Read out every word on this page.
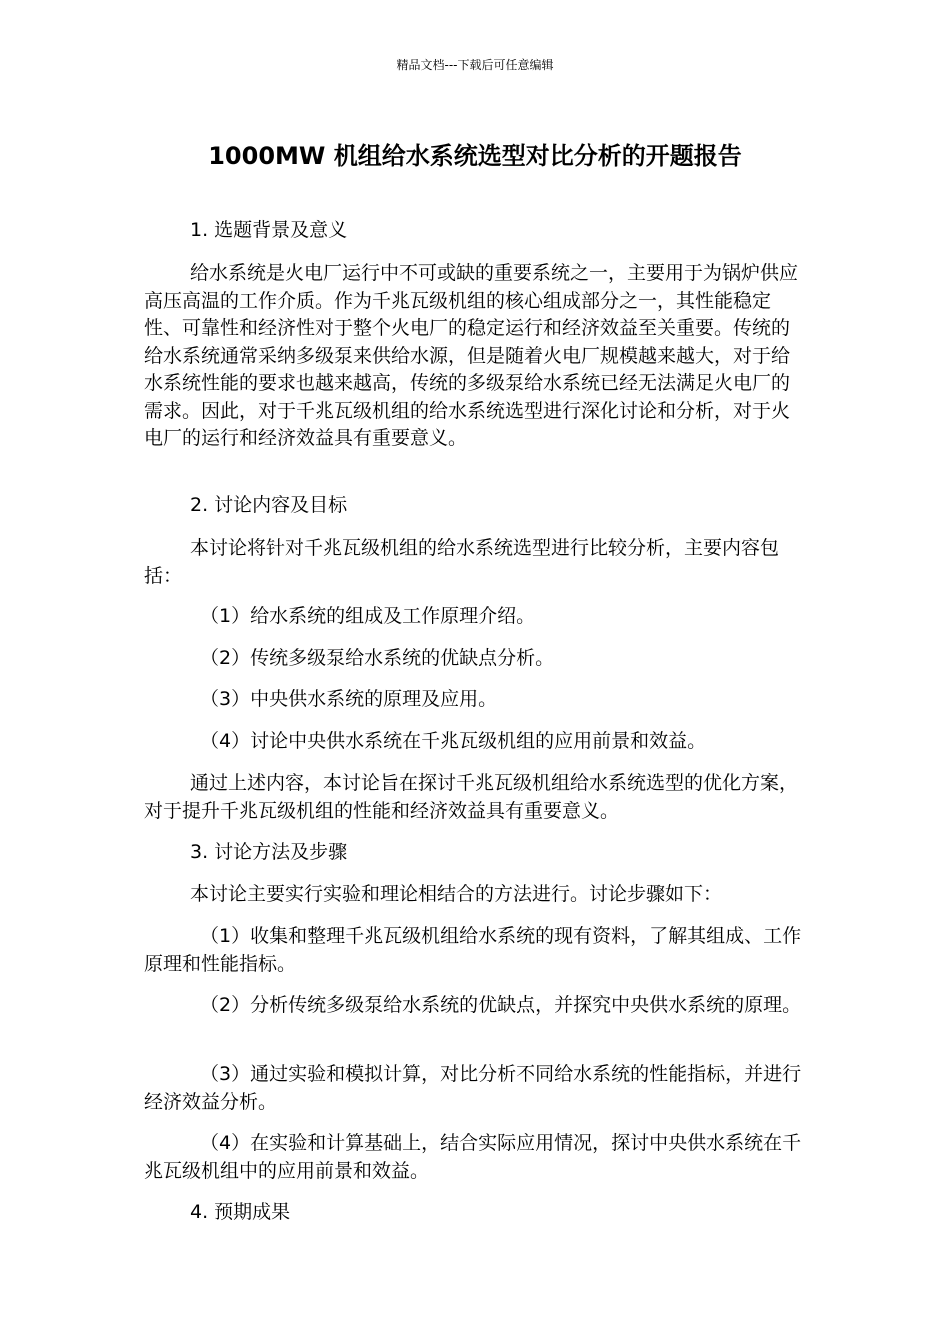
精品文档---下载后可任意编辑
1000MW 机组给水系统选型对比分析的开题报告
1. 选题背景及意义

给水系统是火电厂运行中不可或缺的重要系统之一，主要用于为锅炉供应高压高温的工作介质。作为千兆瓦级机组的核心组成部分之一，其性能稳定性、可靠性和经济性对于整个火电厂的稳定运行和经济效益至关重要。传统的给水系统通常采纳多级泵来供给水源，但是随着火电厂规模越来越大，对于给水系统性能的要求也越来越高，传统的多级泵给水系统已经无法满足火电厂的需求。因此，对于千兆瓦级机组的给水系统选型进行深化讨论和分析，对于火电厂的运行和经济效益具有重要意义。

2. 讨论内容及目标

本讨论将针对千兆瓦级机组的给水系统选型进行比较分析，主要内容包括：

（1）给水系统的组成及工作原理介绍。

（2）传统多级泵给水系统的优缺点分析。

（3）中央供水系统的原理及应用。

（4）讨论中央供水系统在千兆瓦级机组的应用前景和效益。

通过上述内容，本讨论旨在探讨千兆瓦级机组给水系统选型的优化方案，对于提升千兆瓦级机组的性能和经济效益具有重要意义。

3. 讨论方法及步骤

本讨论主要实行实验和理论相结合的方法进行。讨论步骤如下：

（1）收集和整理千兆瓦级机组给水系统的现有资料，了解其组成、工作原理和性能指标。

（2）分析传统多级泵给水系统的优缺点，并探究中央供水系统的原理。

（3）通过实验和模拟计算，对比分析不同给水系统的性能指标，并进行经济效益分析。

（4）在实验和计算基础上，结合实际应用情况，探讨中央供水系统在千兆瓦级机组中的应用前景和效益。

4. 预期成果
